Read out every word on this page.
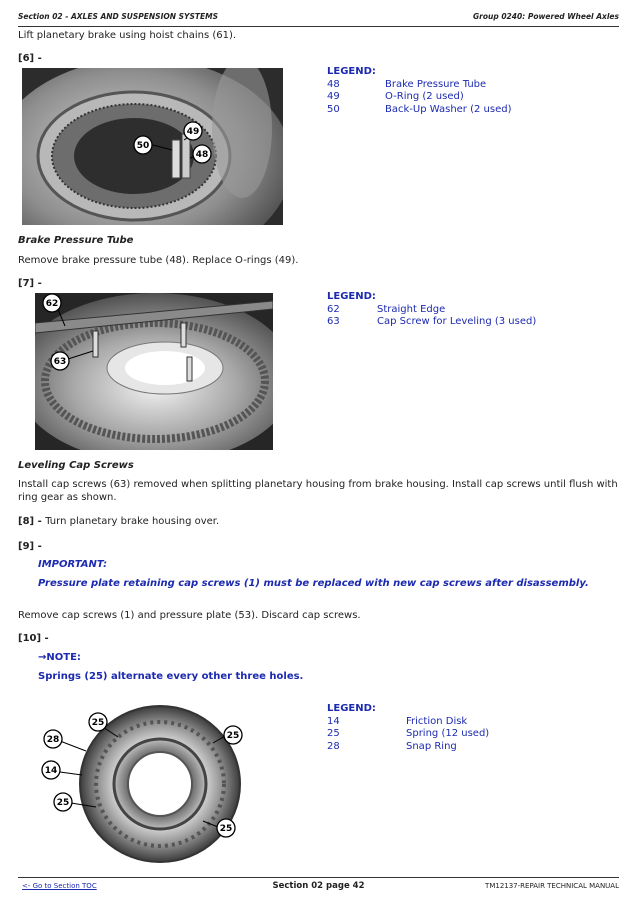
Section 02 - AXLES AND SUSPENSION SYSTEMS	Group 0240: Powered Wheel Axles
Lift planetary brake using hoist chains (61).
[6] -
50
49
48
LEGEND:
48	Brake Pressure Tube
49	O-Ring (2 used)
50	Back-Up Washer (2 used)
Brake Pressure Tube
Remove brake pressure tube (48). Replace O-rings (49).
[7] -
62
63
LEGEND:
62	Straight Edge
63	Cap Screw for Leveling (3 used)
Leveling Cap Screws
Install cap screws (63) removed when splitting planetary housing from brake housing. Install cap screws until flush with ring gear as shown.
[8] - Turn planetary brake housing over.
[9] -
IMPORTANT:
Pressure plate retaining cap screws (1) must be replaced with new cap screws after disassembly.
Remove cap screws (1) and pressure plate (53). Discard cap screws.
[10] -
→NOTE:
Springs (25) alternate every other three holes.
25
25
28
14
25
25
LEGEND:
14	Friction Disk
25	Spring (12 used)
28	Snap Ring
<- Go to Section TOC	Section 02 page 42	TM12137-REPAIR TECHNICAL MANUAL
